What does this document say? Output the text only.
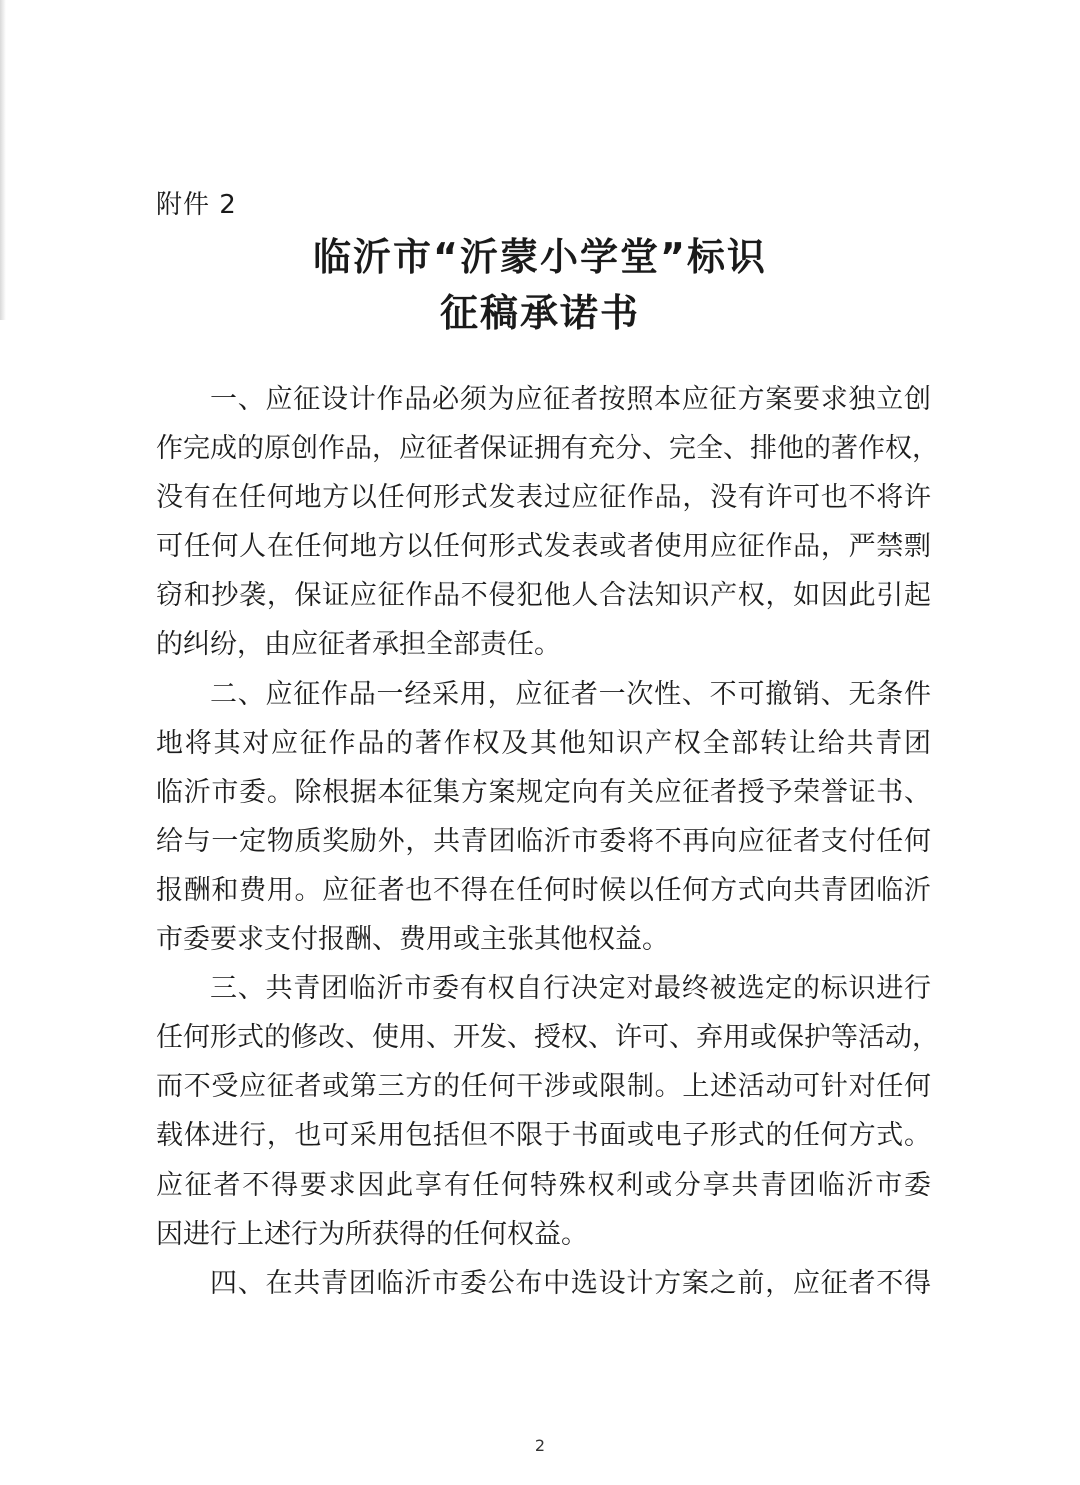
附件 2
临沂市“沂蒙小学堂”标识
征稿承诺书
一、应征设计作品必须为应征者按照本应征方案要求独立创
作完成的原创作品，应征者保证拥有充分、完全、排他的著作权，
没有在任何地方以任何形式发表过应征作品，没有许可也不将许
可任何人在任何地方以任何形式发表或者使用应征作品，严禁剽
窃和抄袭，保证应征作品不侵犯他人合法知识产权，如因此引起
的纠纷，由应征者承担全部责任。
二、应征作品一经采用，应征者一次性、不可撤销、无条件
地将其对应征作品的著作权及其他知识产权全部转让给共青团
临沂市委。除根据本征集方案规定向有关应征者授予荣誉证书、
给与一定物质奖励外，共青团临沂市委将不再向应征者支付任何
报酬和费用。应征者也不得在任何时候以任何方式向共青团临沂
市委要求支付报酬、费用或主张其他权益。
三、共青团临沂市委有权自行决定对最终被选定的标识进行
任何形式的修改、使用、开发、授权、许可、弃用或保护等活动，
而不受应征者或第三方的任何干涉或限制。上述活动可针对任何
载体进行，也可采用包括但不限于书面或电子形式的任何方式。
应征者不得要求因此享有任何特殊权利或分享共青团临沂市委
因进行上述行为所获得的任何权益。
四、在共青团临沂市委公布中选设计方案之前，应征者不得
2
